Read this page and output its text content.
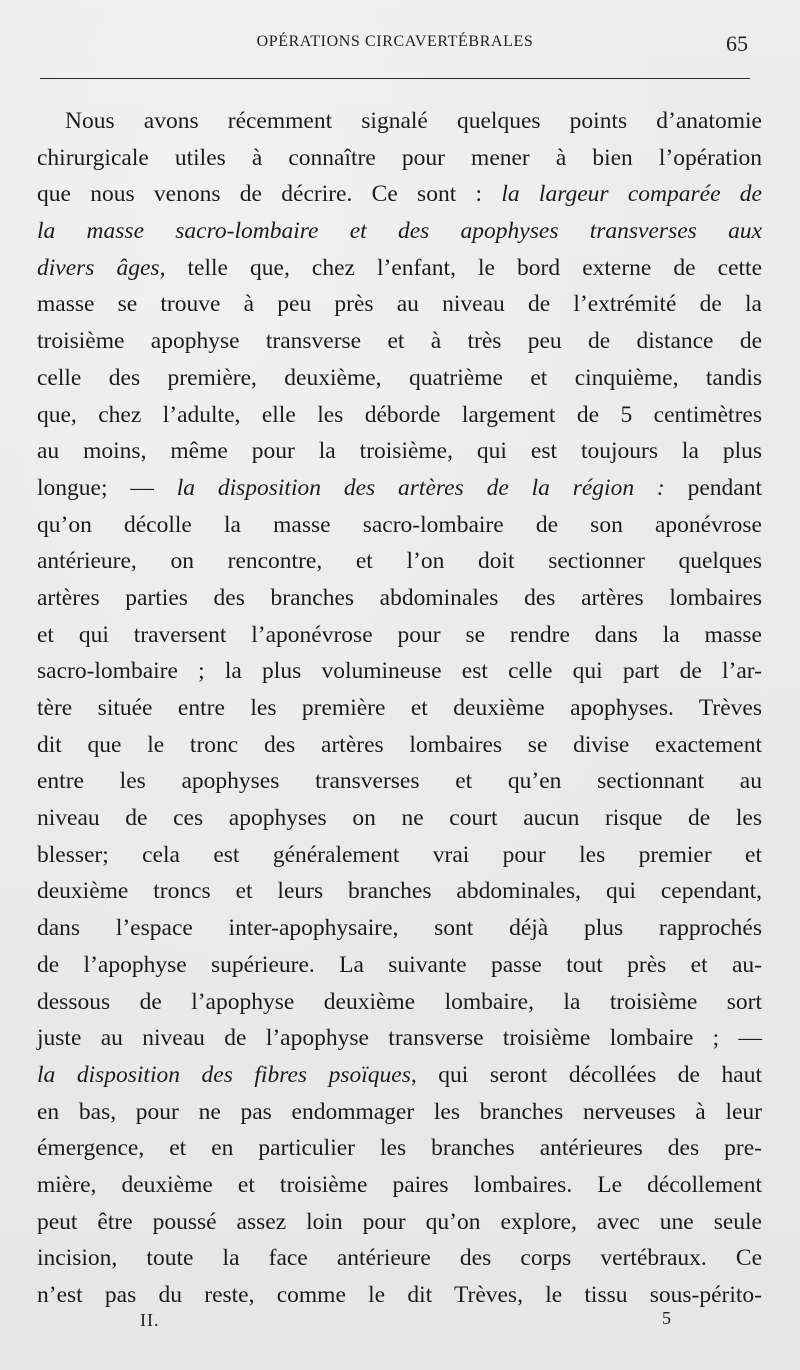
OPÉRATIONS CIRCAVERTÉBRALES	65
Nous avons récemment signalé quelques points d’anatomie
chirurgicale utiles à connaître pour mener à bien l’opération
que nous venons de décrire. Ce sont : la largeur comparée de
la masse sacro-lombaire et des apophyses transverses aux
divers âges, telle que, chez l’enfant, le bord externe de cette
masse se trouve à peu près au niveau de l’extrémité de la
troisième apophyse transverse et à très peu de distance de
celle des première, deuxième, quatrième et cinquième, tandis
que, chez l’adulte, elle les déborde largement de 5 centimètres
au moins, même pour la troisième, qui est toujours la plus
longue; — la disposition des artères de la région : pendant
qu’on décolle la masse sacro-lombaire de son aponévrose
antérieure, on rencontre, et l’on doit sectionner quelques
artères parties des branches abdominales des artères lombaires
et qui traversent l’aponévrose pour se rendre dans la masse
sacro-lombaire ; la plus volumineuse est celle qui part de l’ar-
tère située entre les première et deuxième apophyses. Trèves
dit que le tronc des artères lombaires se divise exactement
entre les apophyses transverses et qu’en sectionnant au
niveau de ces apophyses on ne court aucun risque de les
blesser; cela est généralement vrai pour les premier et
deuxième troncs et leurs branches abdominales, qui cependant,
dans l’espace inter-apophysaire, sont déjà plus rapprochés
de l’apophyse supérieure. La suivante passe tout près et au-
dessous de l’apophyse deuxième lombaire, la troisième sort
juste au niveau de l’apophyse transverse troisième lombaire ; —
la disposition des fibres psoïques, qui seront décollées de haut
en bas, pour ne pas endommager les branches nerveuses à leur
émergence, et en particulier les branches antérieures des pre-
mière, deuxième et troisième paires lombaires. Le décollement
peut être poussé assez loin pour qu’on explore, avec une seule
incision, toute la face antérieure des corps vertébraux. Ce
n’est pas du reste, comme le dit Trèves, le tissu sous-périto-
II.	5
